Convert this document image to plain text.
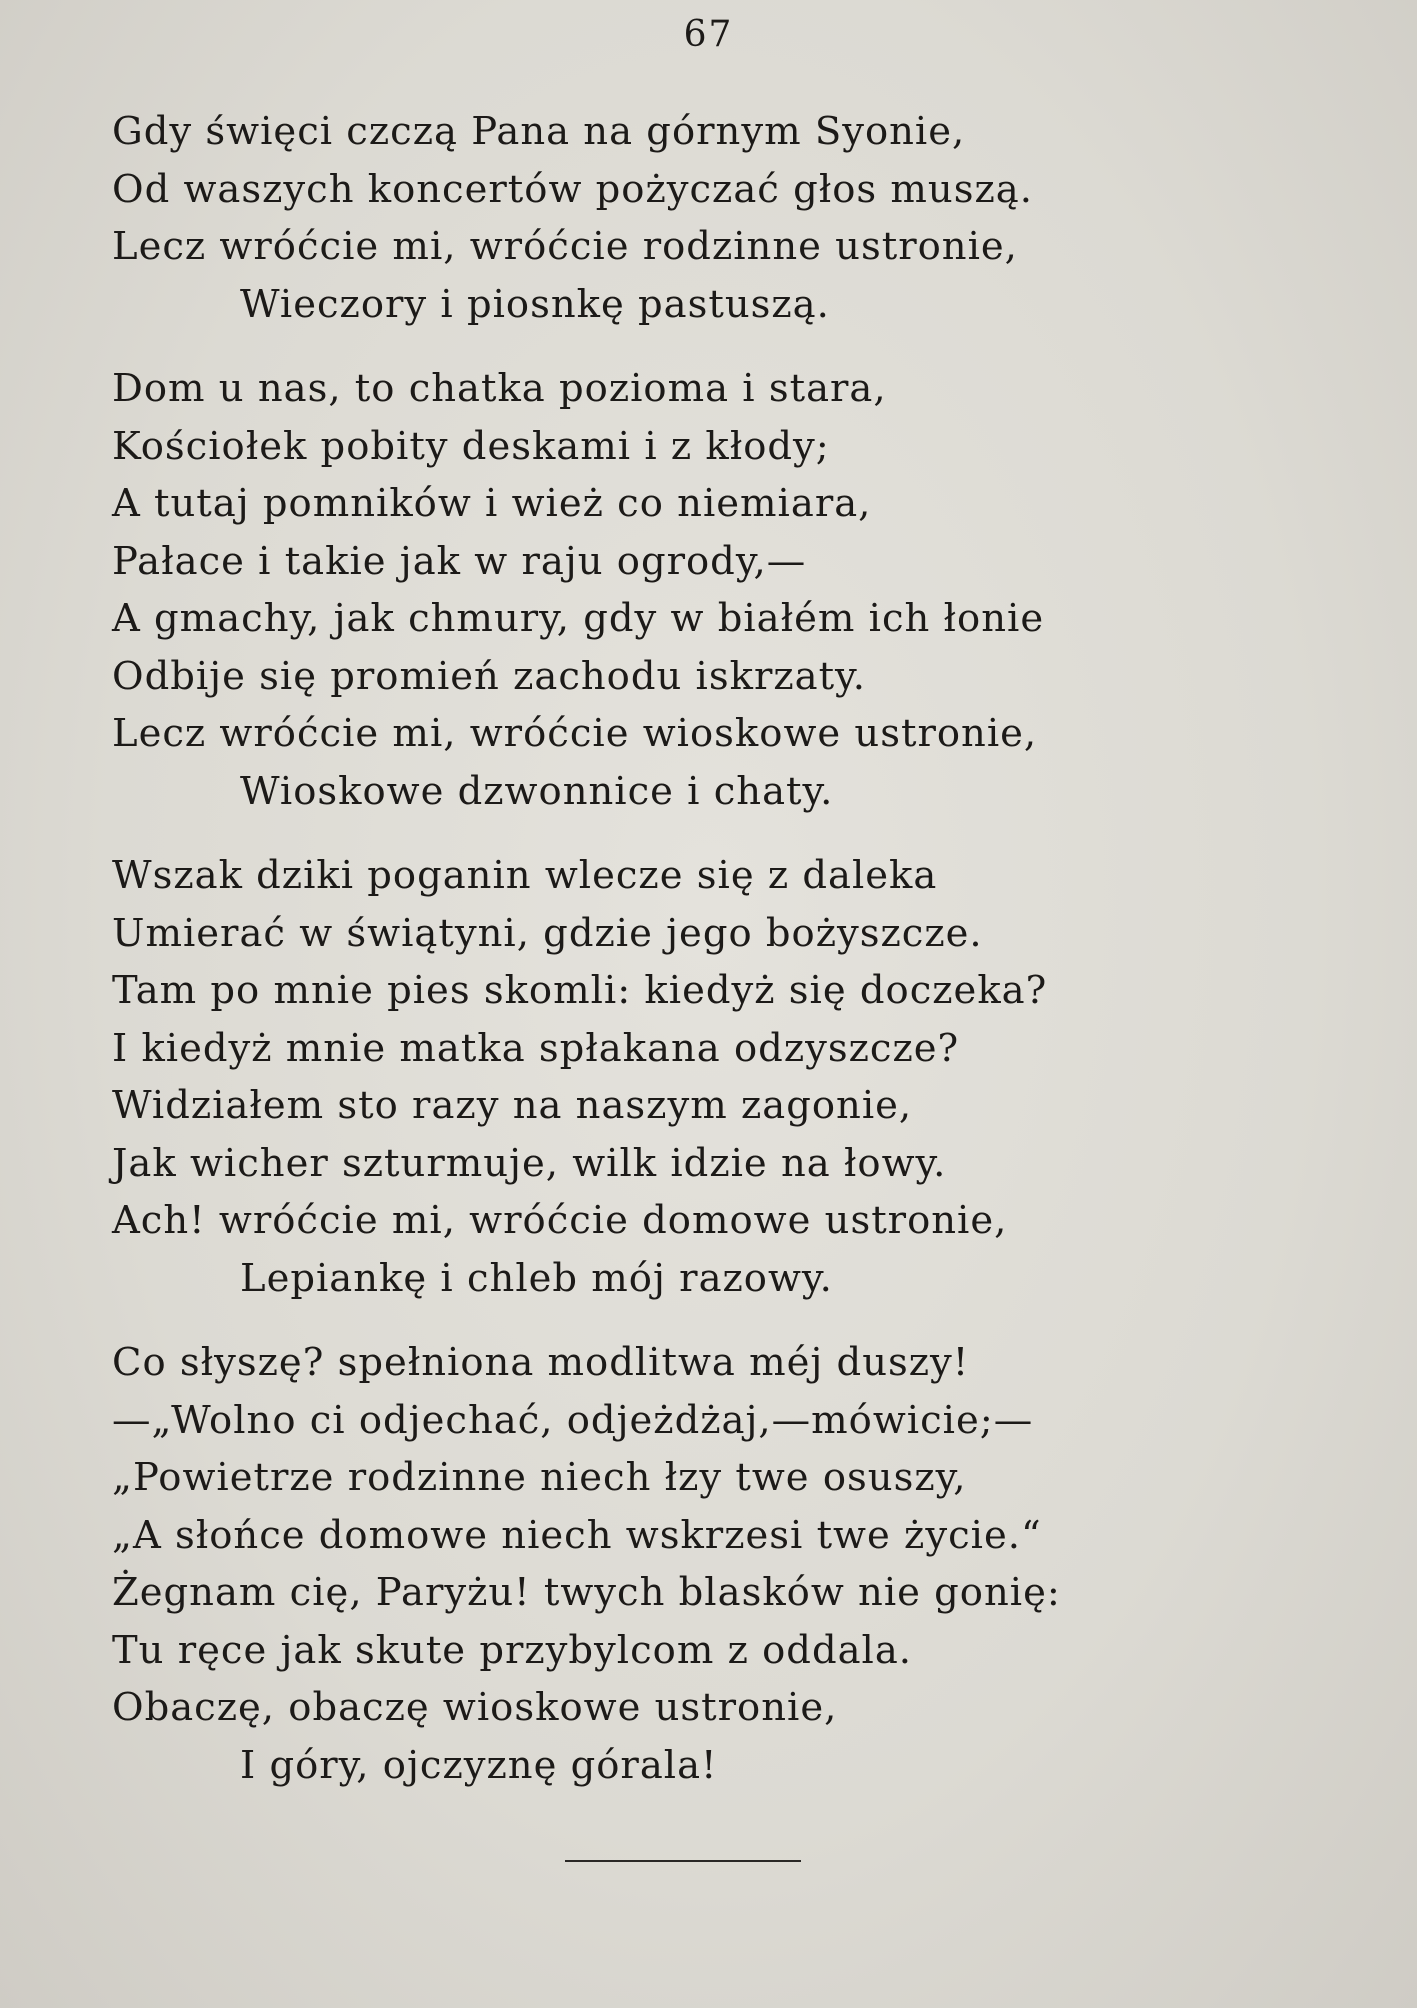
67
Gdy święci czczą Pana na górnym Syonie,
Od waszych koncertów pożyczać głos muszą.
Lecz wróćcie mi, wróćcie rodzinne ustronie,
Wieczory i piosnkę pastuszą.
Dom u nas, to chatka pozioma i stara,
Kościołek pobity deskami i z kłody;
A tutaj pomników i wież co niemiara,
Pałace i takie jak w raju ogrody,—
A gmachy, jak chmury, gdy w białém ich łonie
Odbije się promień zachodu iskrzaty.
Lecz wróćcie mi, wróćcie wioskowe ustronie,
Wioskowe dzwonnice i chaty.
Wszak dziki poganin wlecze się z daleka
Umierać w świątyni, gdzie jego bożyszcze.
Tam po mnie pies skomli: kiedyż się doczeka?
I kiedyż mnie matka spłakana odzyszcze?
Widziałem sto razy na naszym zagonie,
Jak wicher szturmuje, wilk idzie na łowy.
Ach! wróćcie mi, wróćcie domowe ustronie,
Lepiankę i chleb mój razowy.
Co słyszę? spełniona modlitwa méj duszy!
—„Wolno ci odjechać, odjeżdżaj,—mówicie;—
„Powietrze rodzinne niech łzy twe osuszy,
„A słońce domowe niech wskrzesi twe życie.“
Żegnam cię, Paryżu! twych blasków nie gonię:
Tu ręce jak skute przybylcom z oddala.
Obaczę, obaczę wioskowe ustronie,
I góry, ojczyznę górala!
